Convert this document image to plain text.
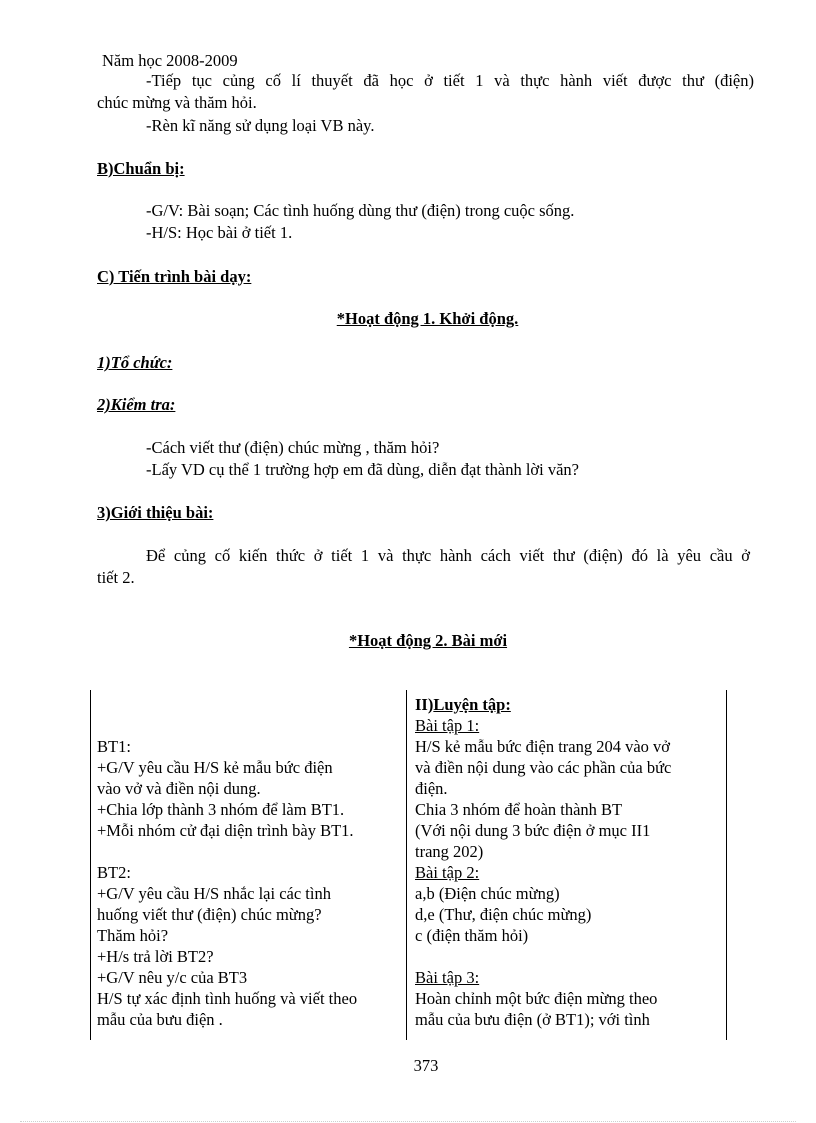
Năm học 2008-2009
-Tiếp tục củng cố lí thuyết đã học ở tiết 1 và thực hành viết được thư (điện)
chúc mừng và thăm hỏi.
-Rèn kĩ năng sử dụng loại VB này.
B)Chuẩn bị:
-G/V: Bài soạn; Các tình huống dùng thư (điện) trong cuộc sống.
-H/S: Học bài ở tiết 1.
C) Tiến trình bài dạy:
*Hoạt động 1. Khởi động.
1)Tổ chức:
2)Kiểm tra:
-Cách viết thư (điện) chúc mừng , thăm hỏi?
-Lấy VD cụ thể 1 trường hợp em đã dùng, diễn đạt thành lời văn?
3)Giới thiệu bài:
Để củng cố kiến thức ở tiết 1 và thực hành cách viết thư (điện) đó là yêu cầu ở
tiết 2.
*Hoạt động 2. Bài mới
BT1:
+G/V yêu cầu H/S kẻ mẫu bức điện
vào vở và điền nội dung.
+Chia lớp thành 3 nhóm để làm BT1.
+Mỗi nhóm cử đại diện trình bày BT1.
BT2:
+G/V yêu cầu H/S nhắc lại các tình
huống viết thư (điện) chúc mừng?
Thăm hỏi?
+H/s trả lời BT2?
+G/V nêu y/c của BT3
H/S tự xác định tình huống và viết theo
mẫu của bưu điện .
II)Luyện tập:
Bài tập 1:
H/S kẻ mẫu bức điện trang 204 vào vở
và điền nội dung vào các phần của bức
điện.
Chia 3 nhóm để hoàn thành BT
(Với nội dung 3 bức điện ở mục II1
trang 202)
Bài tập 2:
a,b (Điện chúc mừng)
d,e (Thư, điện chúc mừng)
c (điện thăm hỏi)
Bài tập 3:
Hoàn chỉnh một bức điện mừng theo
mẫu của bưu điện (ở BT1); với tình
373
